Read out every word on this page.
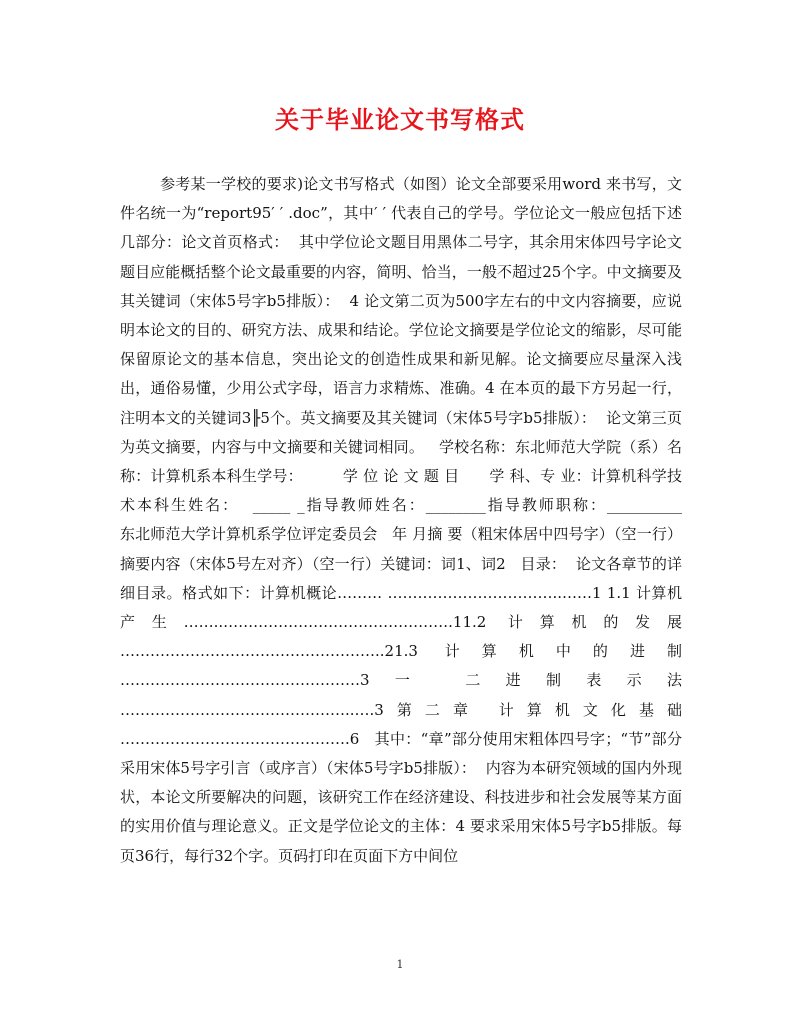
关于毕业论文书写格式
参考某一学校的要求)论文书写格式（如图）论文全部要采用word 来书写，文件名统一为“report95′ ′ .doc”，其中′ ′ 代表自己的学号。学位论文一般应包括下述几部分：论文首页格式：  其中学位论文题目用黑体二号字，其余用宋体四号字论文题目应能概括整个论文最重要的内容，简明、恰当，一般不超过25个字。中文摘要及其关键词（宋体5号字b5排版）：  4 论文第二页为500字左右的中文内容摘要，应说明本论文的目的、研究方法、成果和结论。学位论文摘要是学位论文的缩影，尽可能保留原论文的基本信息，突出论文的创造性成果和新见解。论文摘要应尽量深入浅出，通俗易懂，少用公式字母，语言力求精炼、准确。4 在本页的最下方另起一行，注明本文的关键词3╟5个。英文摘要及其关键词（宋体5号字b5排版）：  论文第三页为英文摘要，内容与中文摘要和关键词相同。   学校名称：东北师范大学院（系）名称：计算机系本科生学号：        学 位 论 文 题 目      学 科、专 业：计算机科学技术本科生姓名：  _____ _指导教师姓名：________指导教师职称：__________           东北师范大学计算机系学位评定委员会   年 月摘 要（粗宋体居中四号字）（空一行）摘要内容（宋体5号左对齐）（空一行）关键词：词1、词2   目录：  论文各章节的详细目录。格式如下：计算机概论……… ……………………………..……1 1.1 计算机产生……..……………………………………….11.2 计算机的发展 ……………………………………………..21.3 计算机中的进制 …………………………………………3一 二进制表示法 ………………………………………..….3第二章 计算机文化基础 ……………………………………….6   其中：“章”部分使用宋粗体四号字；“节”部分采用宋体5号字引言（或序言）（宋体5号字b5排版）：  内容为本研究领域的国内外现状，本论文所要解决的问题，该研究工作在经济建设、科技进步和社会发展等某方面的实用价值与理论意义。正文是学位论文的主体：4 要求采用宋体5号字b5排版。每页36行，每行32个字。页码打印在页面下方中间位
1
